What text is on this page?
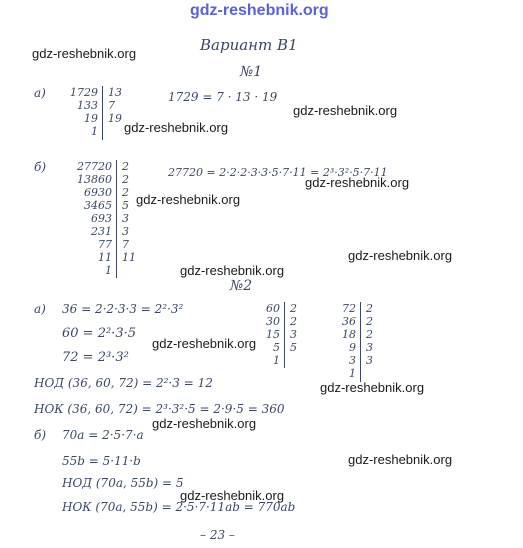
gdz-reshebnik.org
gdz-reshebnik.org
gdz-reshebnik.org
gdz-reshebnik.org
gdz-reshebnik.org
gdz-reshebnik.org
gdz-reshebnik.org
gdz-reshebnik.org
gdz-reshebnik.org
gdz-reshebnik.org
gdz-reshebnik.org
gdz-reshebnik.org
gdz-reshebnik.org
Вариант В1
№1
а)	1729
133
19
1
13
7
19
1729 = 7 · 13 · 19
б)	27720
13860
6930
3465
693
231
77
11
1
2
2
2
5
3
3
7
11
27720 = 2·2·2·3·3·5·7·11 = 2³·3²·5·7·11
№2
а) 36 = 2·2·3·3 = 2²·3²
60 = 2²·3·5
72 = 2³·3²
60
30
15
5
1
2
2
3
5
72
36
18
9
3
1
2
2
2
3
3
НОД (36, 60, 72) = 2²·3 = 12
НОК (36, 60, 72) = 2³·3²·5 = 2·9·5 = 360
б) 70a = 2·5·7·a
55b = 5·11·b
НОД (70a, 55b) = 5
НОК (70a, 55b) = 2·5·7·11ab = 770ab
– 23 –
